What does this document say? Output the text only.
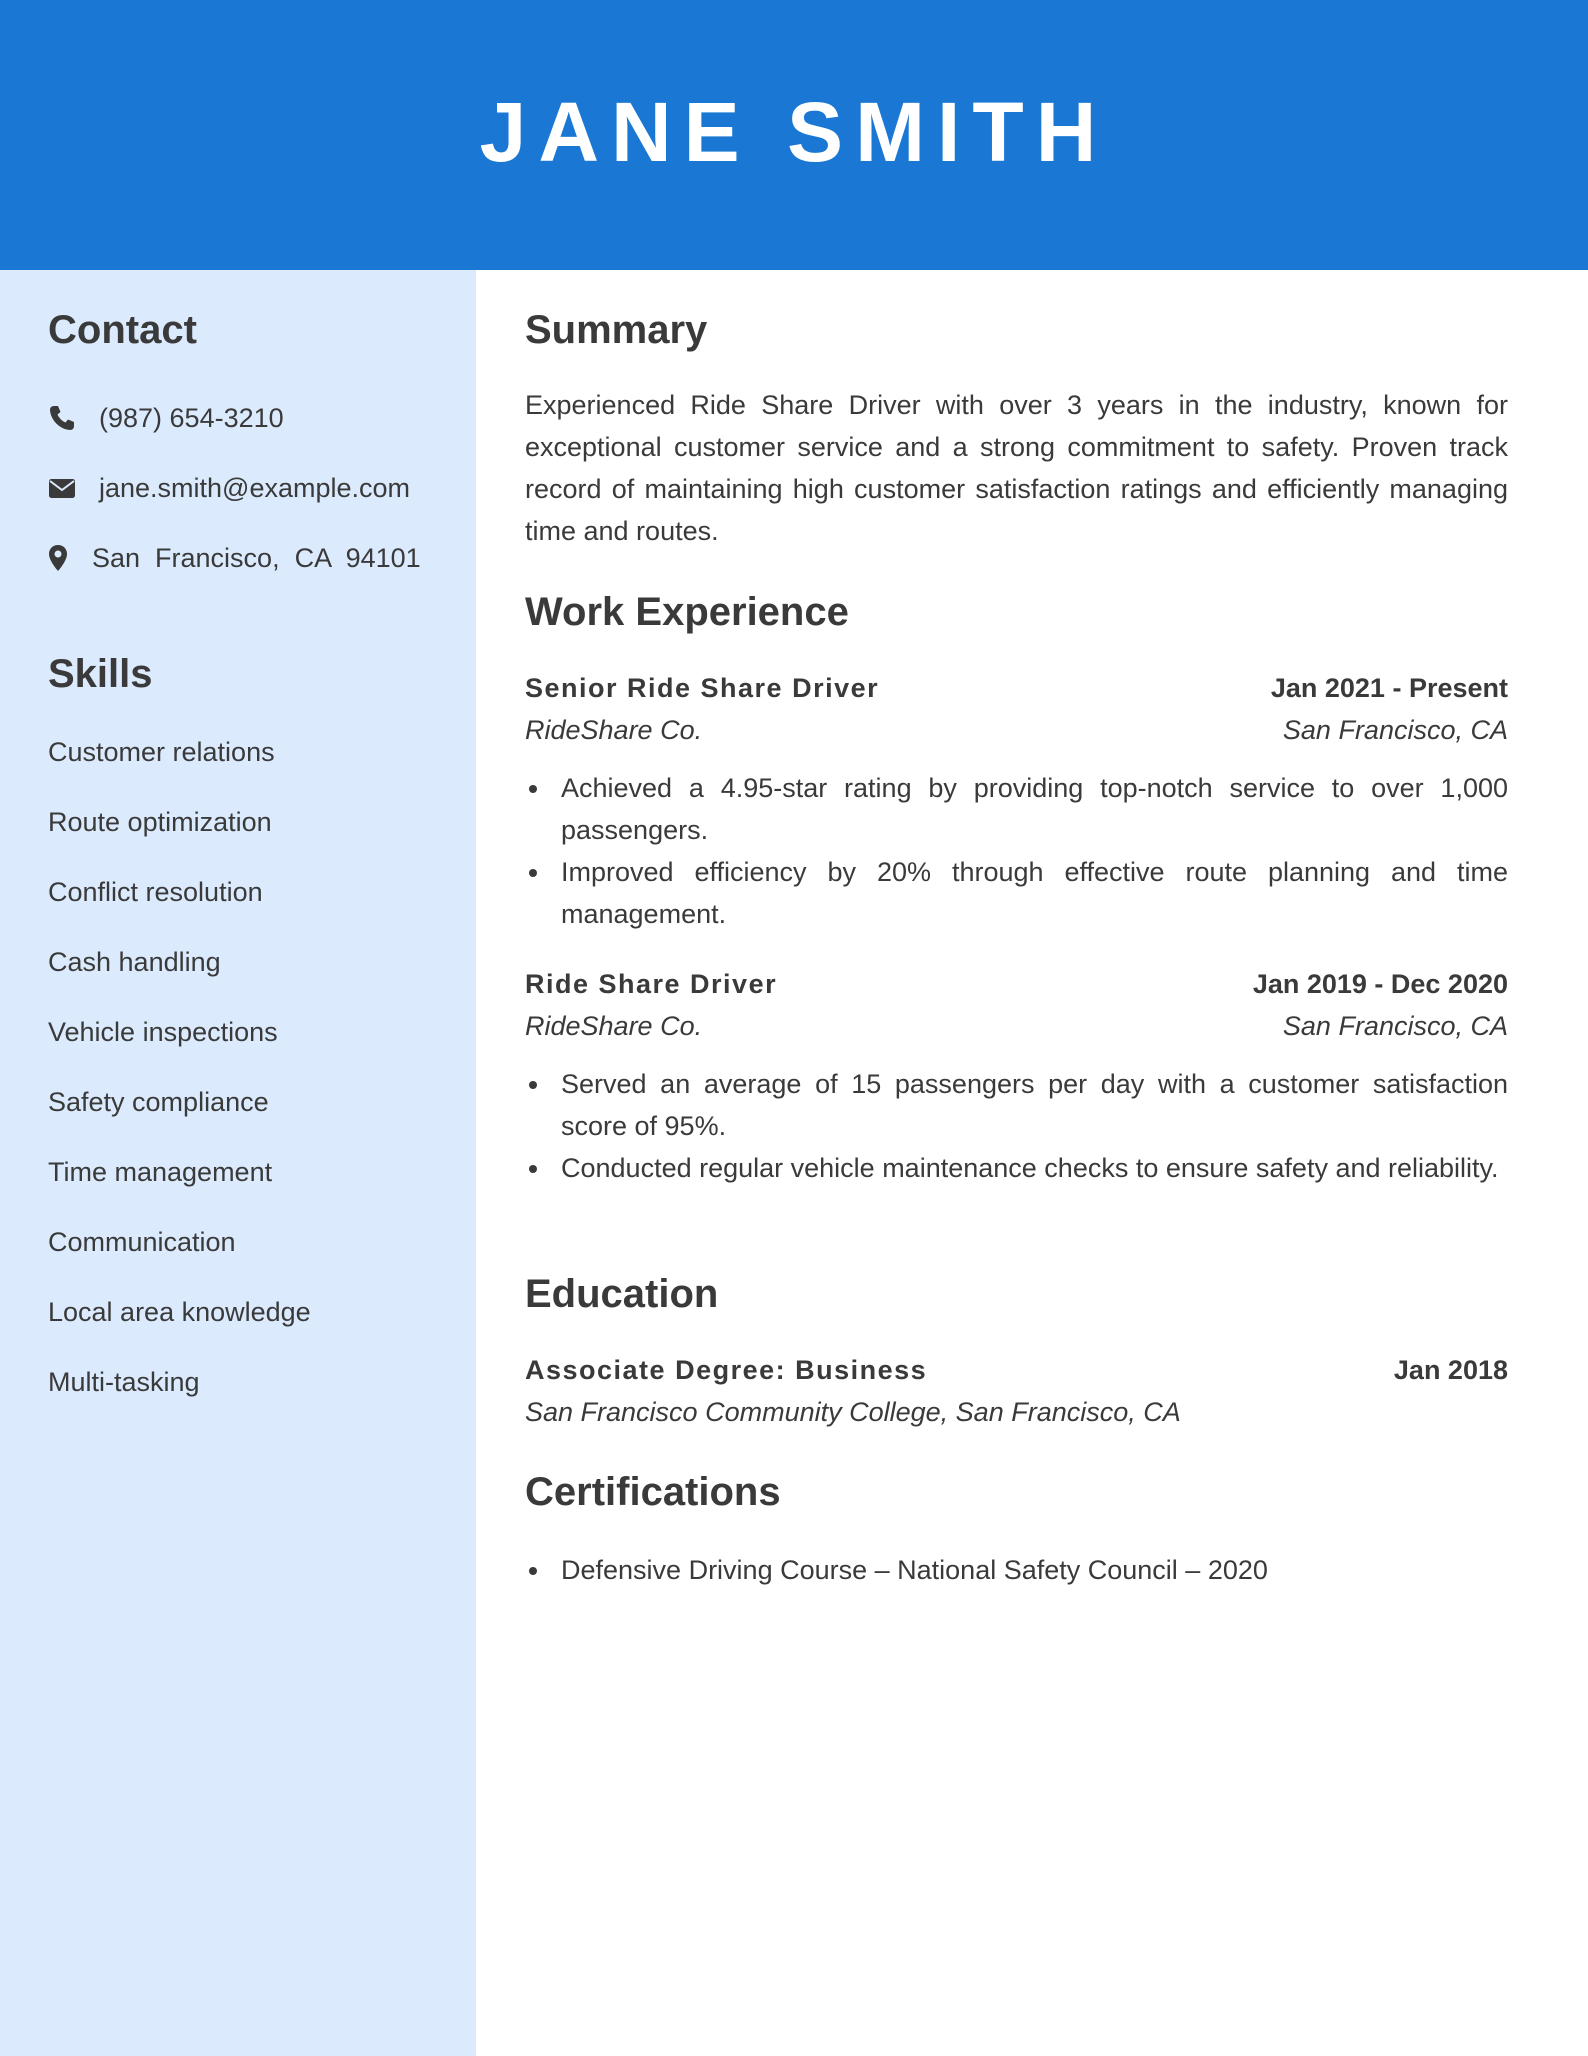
JANE SMITH
Contact
(987) 654-3210
jane.smith@example.com
San  Francisco,  CA  94101
Skills
Customer relations
Route optimization
Conflict resolution
Cash handling
Vehicle inspections
Safety compliance
Time management
Communication
Local area knowledge
Multi-tasking
Summary
Experienced Ride Share Driver with over 3 years in the industry, known for exceptional customer service and a strong commitment to safety. Proven track record of maintaining high customer satisfaction ratings and efficiently managing time and routes.
Work Experience
Senior Ride Share Driver	Jan 2021 - Present
RideShare Co.	San Francisco, CA
Achieved a 4.95-star rating by providing top-notch service to over 1,000 passengers.
Improved efficiency by 20% through effective route planning and time management.
Ride Share Driver	Jan 2019 - Dec 2020
RideShare Co.	San Francisco, CA
Served an average of 15 passengers per day with a customer satisfaction score of 95%.
Conducted regular vehicle maintenance checks to ensure safety and reliability.
Education
Associate Degree: Business	Jan 2018
San Francisco Community College, San Francisco, CA
Certifications
Defensive Driving Course – National Safety Council – 2020
